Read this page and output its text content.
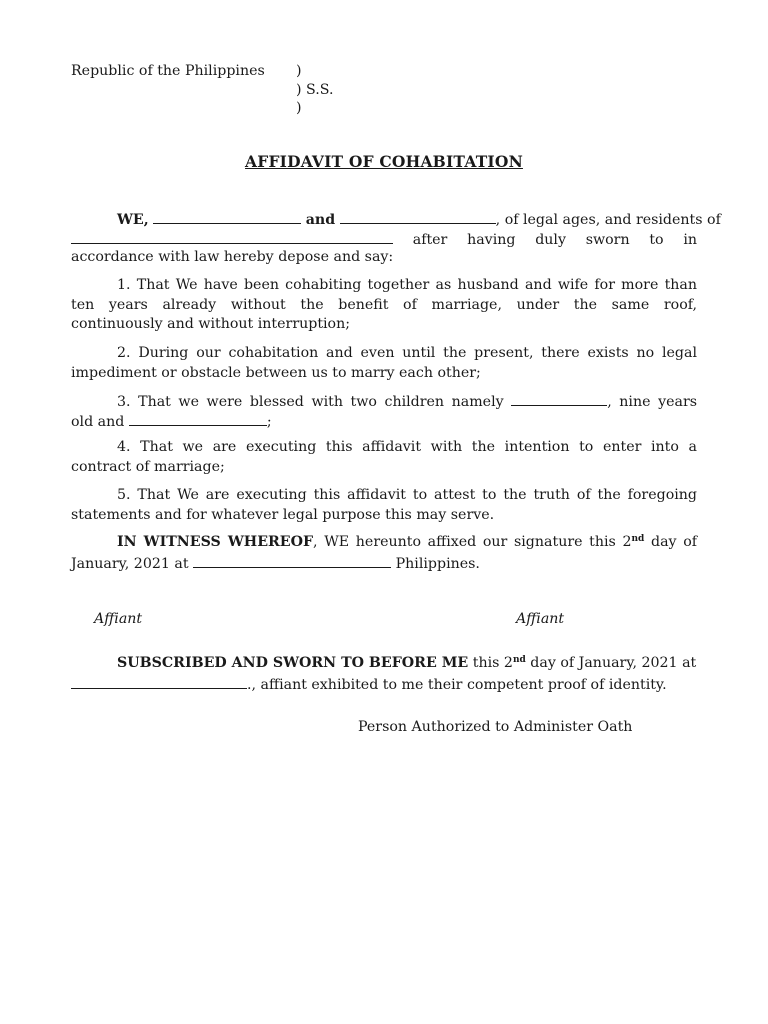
Republic of the Philippines )
) S.S.
)
AFFIDAVIT OF COHABITATION
WE,	and	, of legal ages, and residents of
after having duly sworn to in
accordance with law hereby depose and say:
1. That We have been cohabiting together as husband and wife for more than
ten years already without the benefit of marriage, under the same roof,
continuously and without interruption;
2. During our cohabitation and even until the present, there exists no legal
impediment or obstacle between us to marry each other;
3. That we were blessed with two children namely	, nine years
old and	;
4. That we are executing this affidavit with the intention to enter into a
contract of marriage;
5. That We are executing this affidavit to attest to the truth of the foregoing
statements and for whatever legal purpose this may serve.
IN WITNESS WHEREOF, WE hereunto affixed our signature this 2nd day of
January, 2021 at	Philippines.
Affiant	Affiant
SUBSCRIBED AND SWORN TO BEFORE ME this 2nd day of January, 2021 at
., affiant exhibited to me their competent proof of identity.
Person Authorized to Administer Oath
